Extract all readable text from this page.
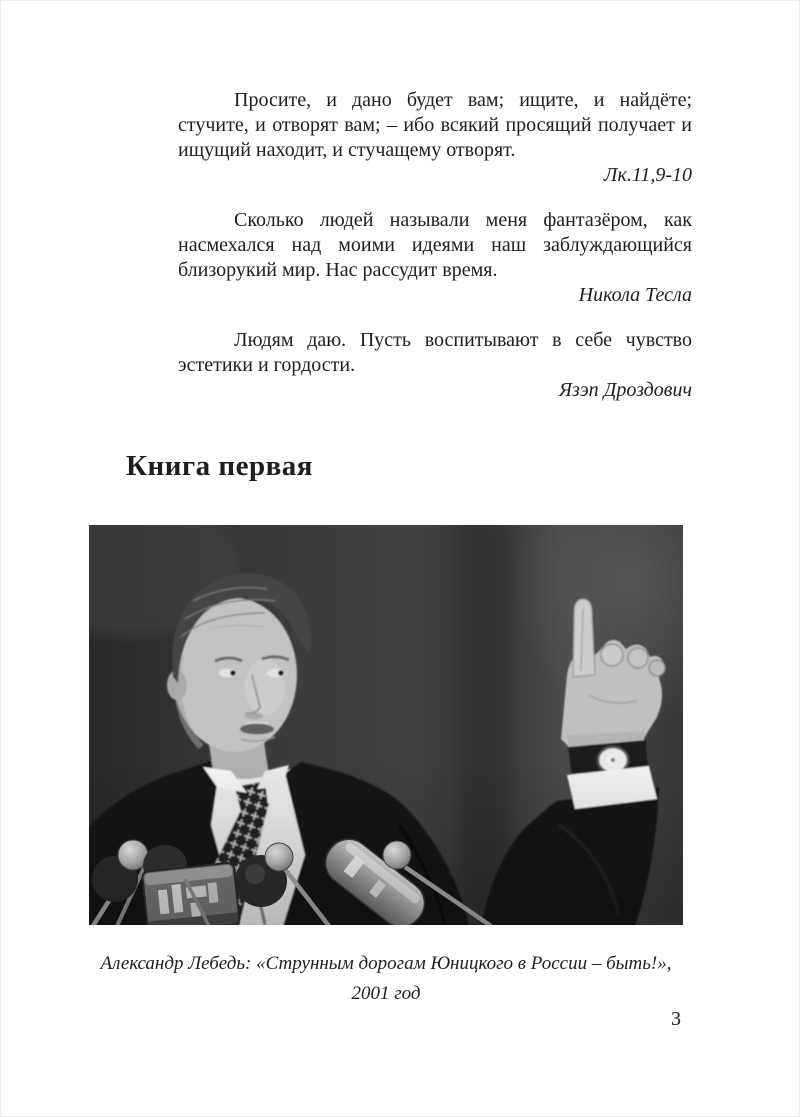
Просите, и дано будет вам; ищите, и найдёте; стучите, и отворят вам; – ибо всякий просящий получает и ищущий находит, и стучащему отворят.

Лк.11,9-10

Сколько людей называли меня фантазёром, как насмехался над моими идеями наш заблуждающийся близорукий мир. Нас рассудит время.

Никола Тесла

Людям даю. Пусть воспитывают в себе чувство эстетики и гордости.

Язэп Дроздович
Книга первая
Александр Лебедь: «Струнным дорогам Юницкого в России – быть!»,
2001 год
3
